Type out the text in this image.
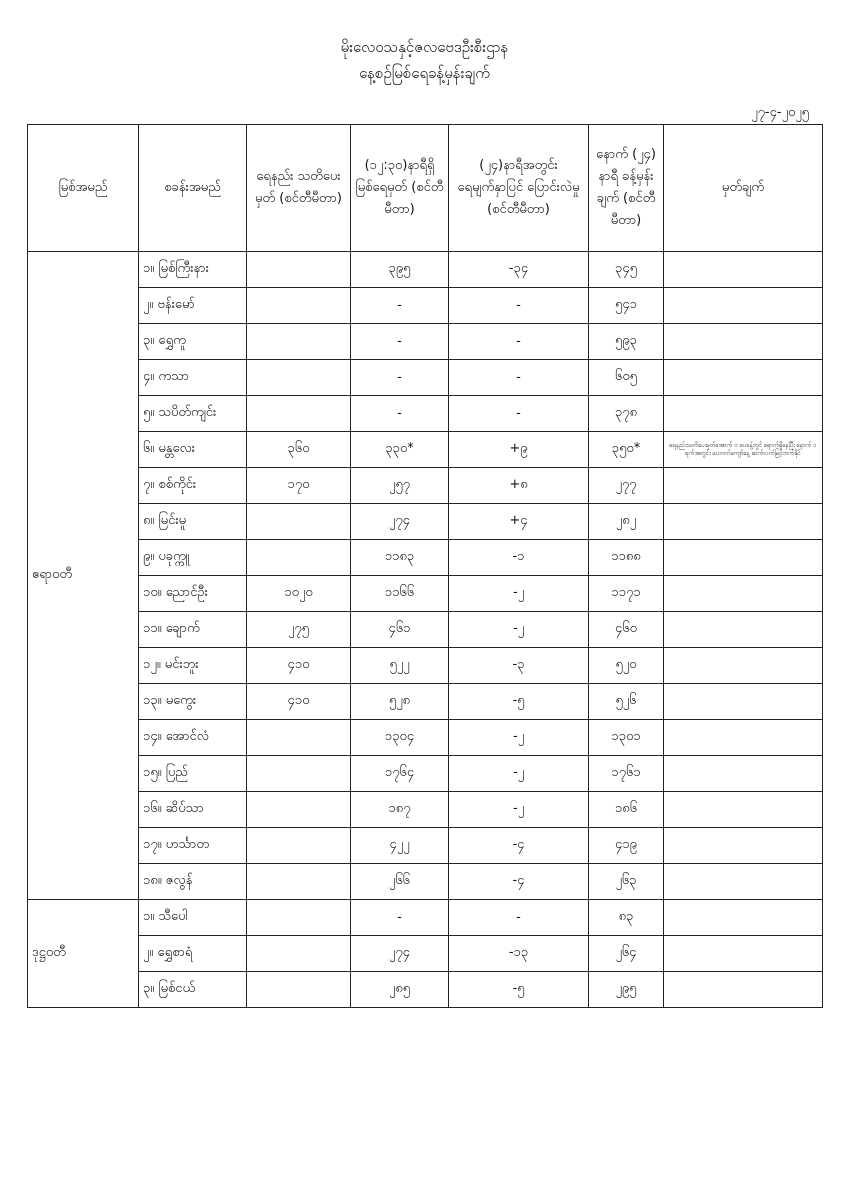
မိုးလေဝသနှင့်ဇလဗေဒဦးစီးဌာန
နေ့စဉ်မြစ်ရေခန့်မှန်းချက်
၂၇-၄-၂၀၂၅
မြစ်အမည်	စခန်းအမည်	ရေနည်း သတိပေးမှတ် (စင်တီမီတာ)	(၁၂:၃၀)နာရီရှိ မြစ်ရေမှတ် (စင်တီမီတာ)	(၂၄)နာရီအတွင်း ရေမျက်နှာပြင် ပြောင်းလဲမှု (စင်တီမီတာ)	နောက် (၂၄) နာရီ ခန့်မှန်းချက် (စင်တီမီတာ)	မှတ်ချက်
ဧရာဝတီ	၁။ မြစ်ကြီးနား		၃၉၅	-၃၄	၃၄၅	
	၂။ ဗန်းမော်		-	-	၅၄၁	
	၃။ ရွှေကူ		-	-	၅၉၃	
	၄။ ကသာ		-	-	၆၀၅	
	၅။ သပိတ်ကျင်း		-	-	၃၇၈	
	၆။ မန္တလေး	၃၆၀	၃၃၀*	+၉	၃၅၀*	ရေနည်းသတိပေးမှတ်အောက် ၁ ပေခန့်တွင် ရောက်ရှိနေပြီး နောက် ၁ ရက်အတွင်း ပေဘက်ကျော်နေ့ ဆက်လက်မြင့်တက်နိုင်
	၇။ စစ်ကိုင်း	၁၇၀	၂၅၇	+၈	၂၇၇	
	၈။ မြင်းမူ		၂၇၄	+၄	၂၈၂	
	၉။ ပခုက္ကူ		၁၁၈၃	-၁	၁၁၈၈	
	၁၀။ ညောင်ဦး	၁၀၂၀	၁၁၆၆	-၂	၁၁၇၁	
	၁၁။ ချောက်	၂၇၅	၄၆၁	-၂	၄၆၀	
	၁၂။ မင်းဘူး	၄၁၀	၅၂၂	-၃	၅၂၀	
	၁၃။ မကွေး	၄၁၀	၅၂၈	-၅	၅၂၆	
	၁၄။ အောင်လံ		၁၃၀၄	-၂	၁၃၀၁	
	၁၅။ ပြည်		၁၇၆၄	-၂	၁၇၆၁	
	၁၆။ ဆိပ်သာ		၁၈၇	-၂	၁၈၆	
	၁၇။ ဟင်္သာတ		၄၂၂	-၄	၄၁၉	
	၁၈။ ဇလွန်		၂၆၆	-၄	၂၆၃	
ဒုဋ္ဌဝတီ	၁။ သီပေါ		-	-	၈၃	
	၂။ ရွှေစာရံ		၂၇၄	-၁၃	၂၆၄	
	၃။ မြစ်ငယ်		၂၈၅	-၅	၂၉၅	
